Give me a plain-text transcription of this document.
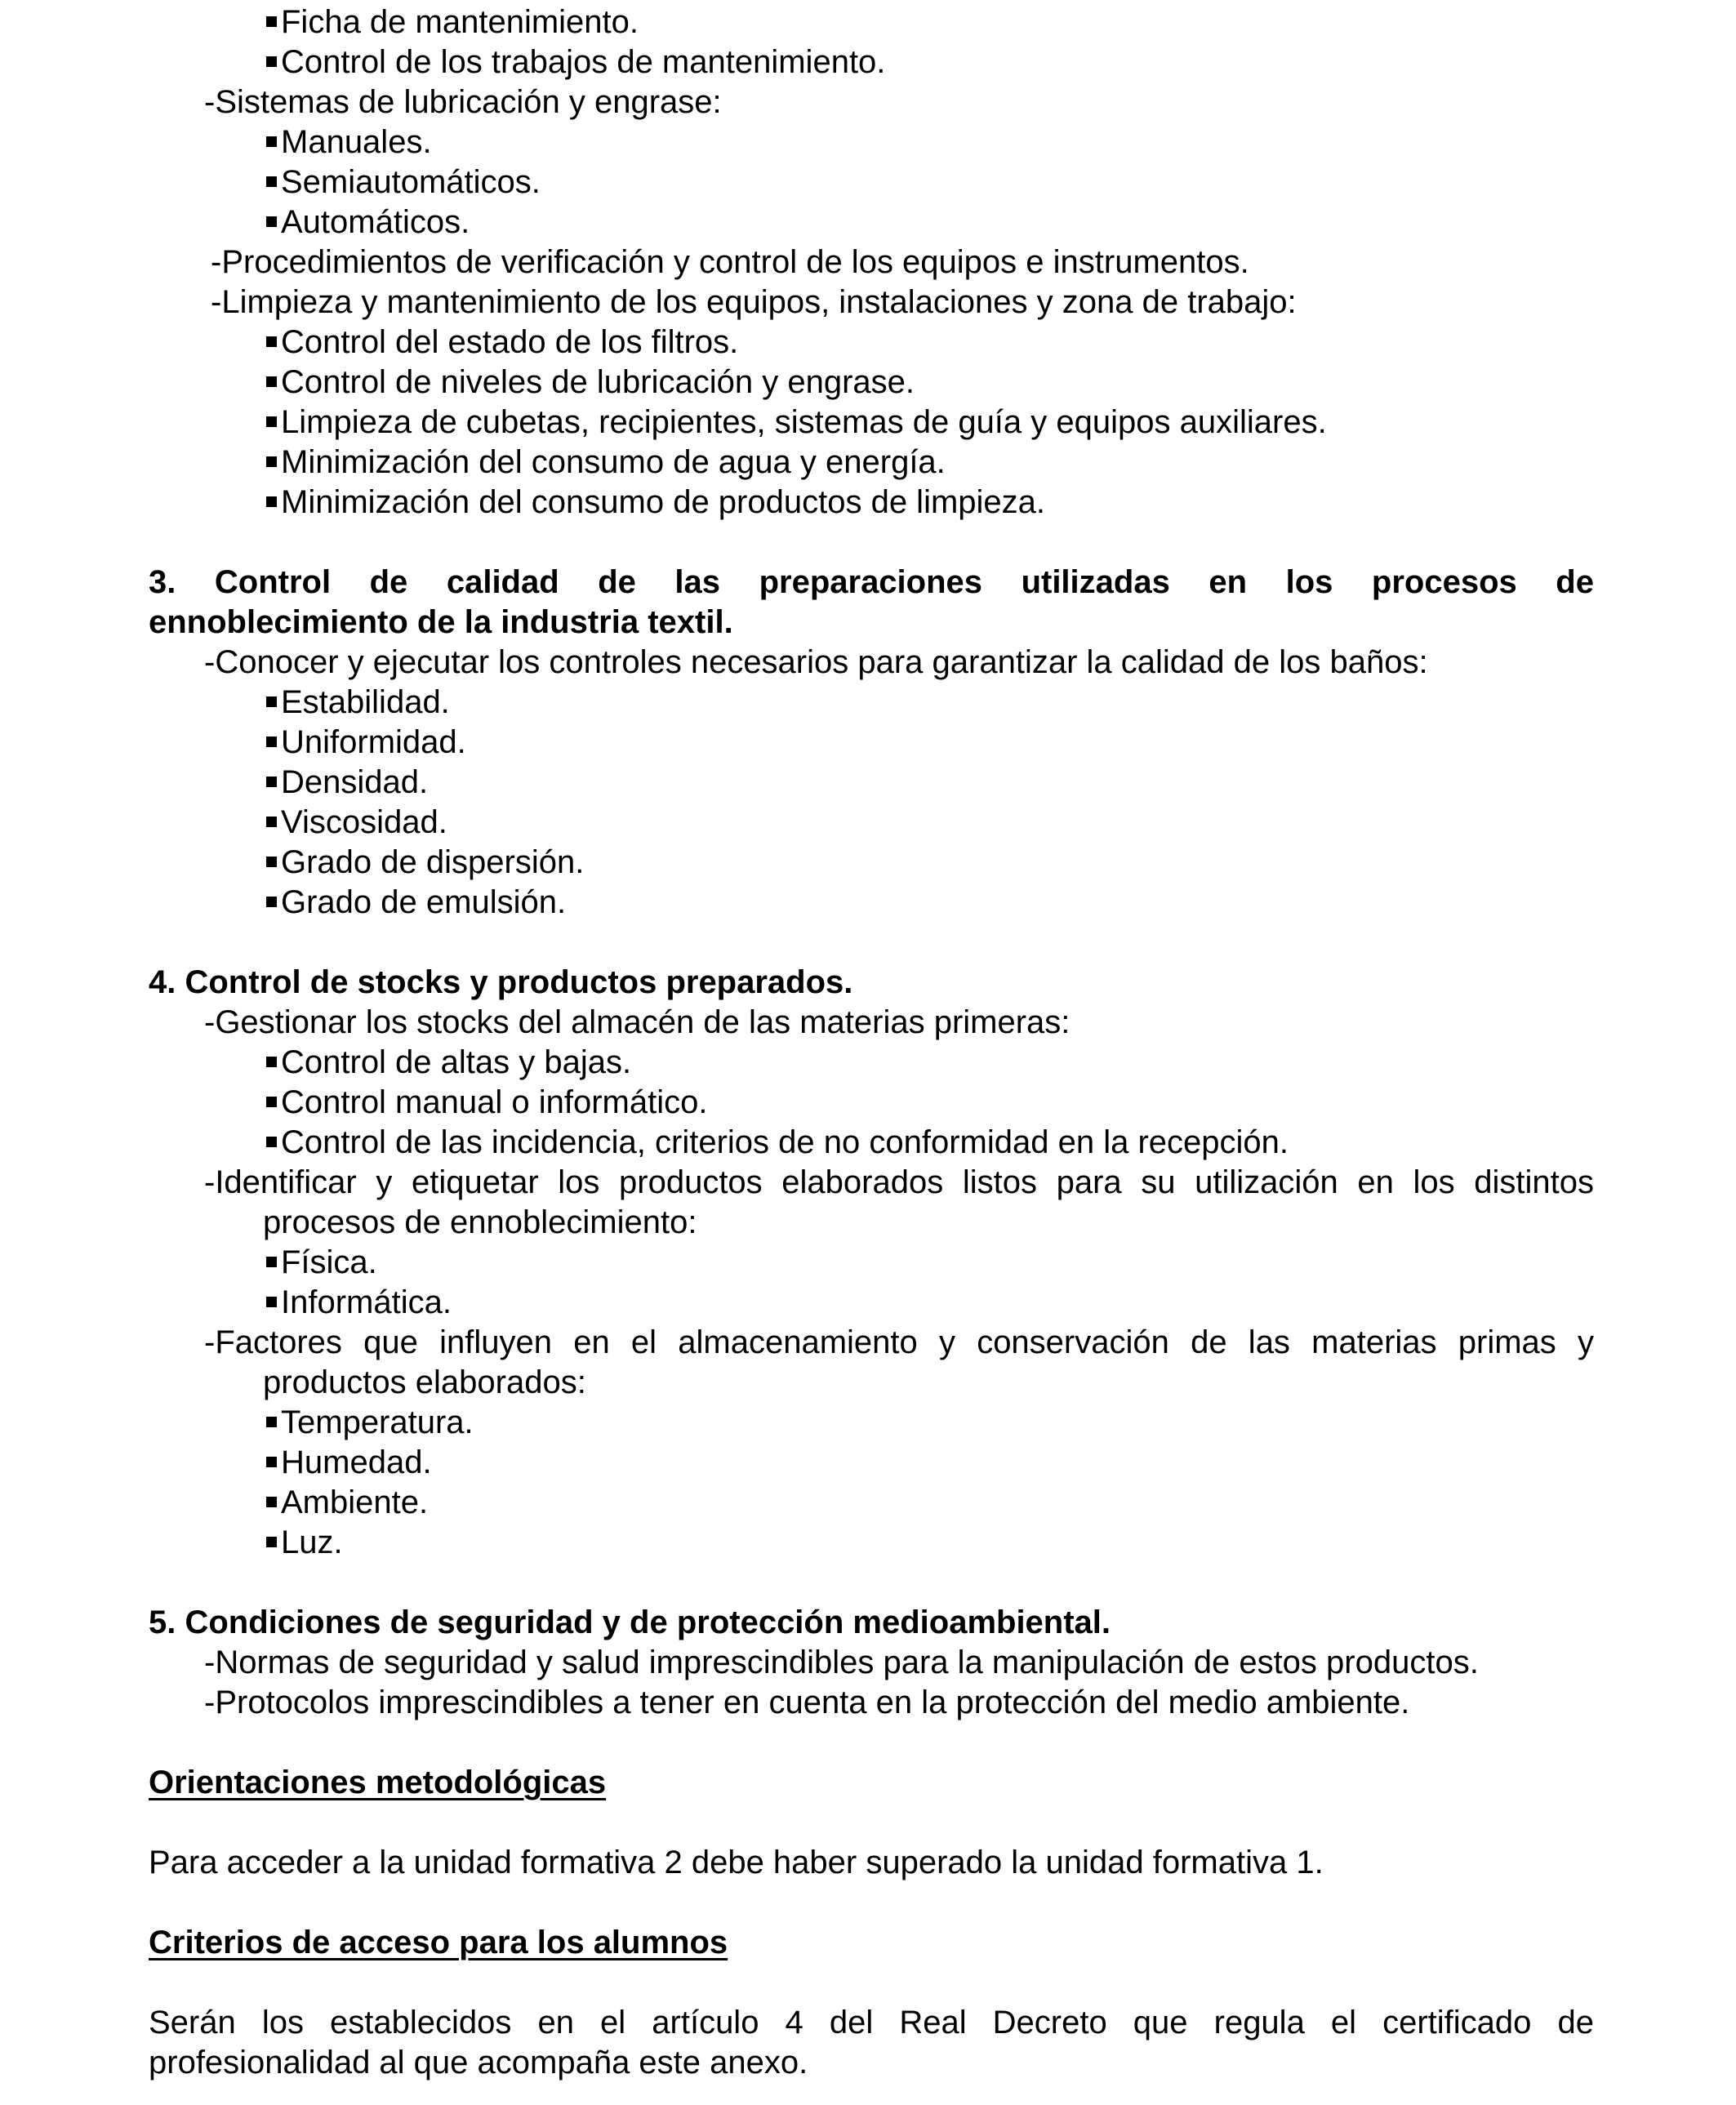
Ficha de mantenimiento.
Control de los trabajos de mantenimiento.
-Sistemas de lubricación y engrase:
Manuales.
Semiautomáticos.
Automáticos.
-Procedimientos de verificación y control de los equipos e instrumentos.
-Limpieza y mantenimiento de los equipos, instalaciones y zona de trabajo:
Control del estado de los filtros.
Control de niveles de lubricación y engrase.
Limpieza de cubetas, recipientes, sistemas de guía y equipos auxiliares.
Minimización del consumo de agua y energía.
Minimización del consumo de productos de limpieza.
3. Control de calidad de las preparaciones utilizadas en los procesos de
ennoblecimiento de la industria textil.
-Conocer y ejecutar los controles necesarios para garantizar la calidad de los baños:
Estabilidad.
Uniformidad.
Densidad.
Viscosidad.
Grado de dispersión.
Grado de emulsión.
4. Control de stocks y productos preparados.
-Gestionar los stocks del almacén de las materias primeras:
Control de altas y bajas.
Control manual o informático.
Control de las incidencia, criterios de no conformidad en la recepción.
-Identificar y etiquetar los productos elaborados listos para su utilización en los distintos
procesos de ennoblecimiento:
Física.
Informática.
-Factores que influyen en el almacenamiento y conservación de las materias primas y
productos elaborados:
Temperatura.
Humedad.
Ambiente.
Luz.
5. Condiciones de seguridad y de protección medioambiental.
-Normas de seguridad y salud imprescindibles para la manipulación de estos productos.
-Protocolos imprescindibles a tener en cuenta en la protección del medio ambiente.
Orientaciones metodológicas
Para acceder a la unidad formativa 2 debe haber superado la unidad formativa 1.
Criterios de acceso para los alumnos
Serán los establecidos en el artículo 4 del Real Decreto que regula el certificado de
profesionalidad al que acompaña este anexo.
